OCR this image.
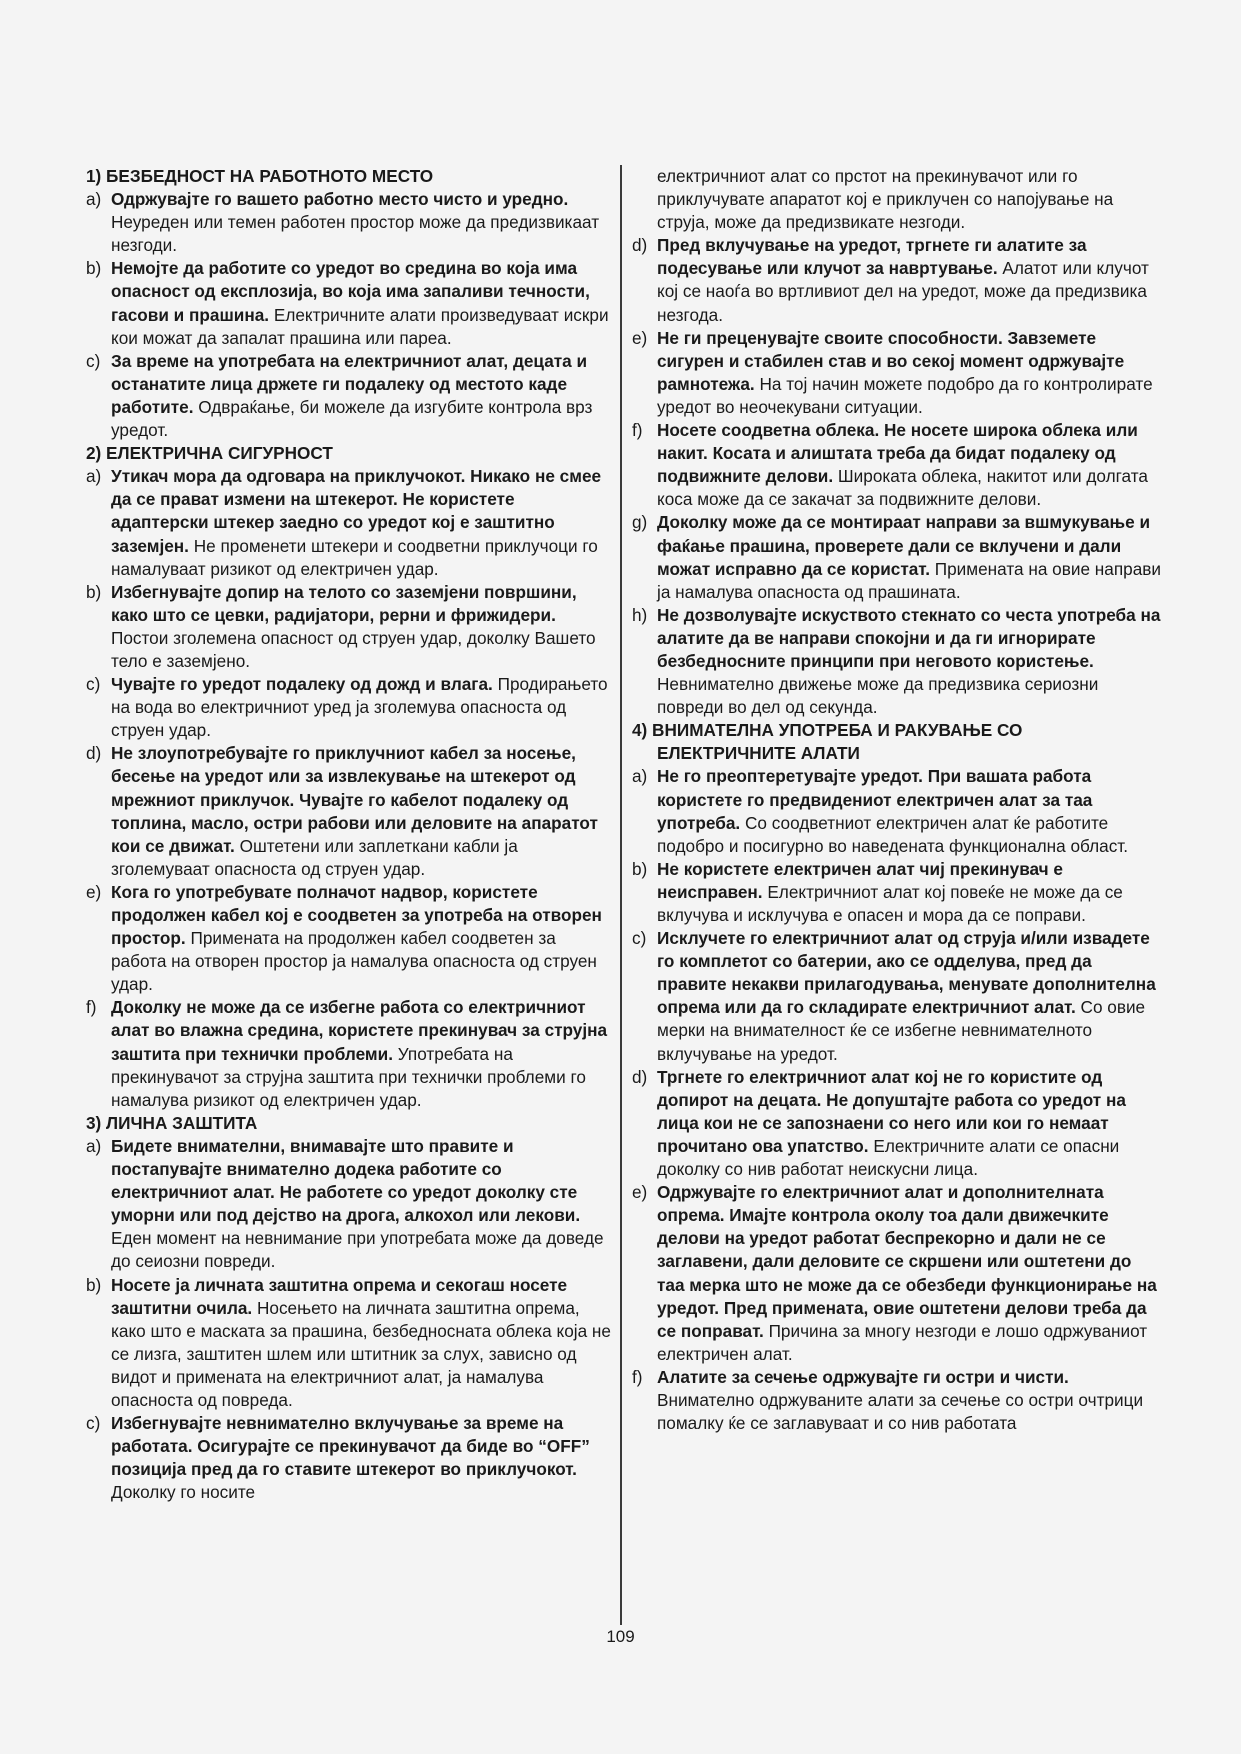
1) БЕЗБЕДНОСТ НА РАБОТНОТО МЕСТО

a) Одржувајте го вашето работно место чисто и уредно. Неуреден или темен работен простор може да предизвикаат незгоди.

b) Немојте да работите со уредот во средина во која има опасност од експлозија, во која има запаливи течности, гасови и прашина. Електричните алати произведуваат искри кои можат да запалат прашина или пареа.

c) За време на употребата на електричниот алат, децата и останатите лица држете ги подалеку од местото каде работите. Одвраќање, би можеле да изгубите контрола врз уредот.

2) ЕЛЕКТРИЧНА СИГУРНОСТ

a) Утикач мора да одговара на приклучокот. Никако не смее да се прават измени на штекерот. Не користете адаптерски штекер заедно со уредот кој е заштитно заземјен. Не променети штекери и соодветни приклучоци го намалуваат ризикот од електричен удар.

b) Избегнувајте допир на телото со заземјени површини, како што се цевки, радијатори, рерни и фрижидери. Постои зголемена опасност од струен удар, доколку Вашето тело е заземјено.

c) Чувајте го уредот подалеку од дожд и влага. Продирањето на вода во електричниот уред ја зголемува опасноста од струен удар.

d) Не злоупотребувајте го приклучниот кабел за носење, бесење на уредот или за извлекување на штекерот од мрежниот приклучок. Чувајте го кабелот подалеку од топлина, масло, остри рабови или деловите на апаратот кои се движат. Оштетени или заплеткани кабли ја зголемуваат опасноста од струен удар.

e) Кога го употребувате полначот надвор, користете продолжен кабел кој е соодветен за употреба на отворен простор. Примената на продолжен кабел соодветен за работа на отворен простор ја намалува опасноста од струен удар.

f) Доколку не може да се избегне работа со електричниот алат во влажна средина, користете прекинувач за струјна заштита при технички проблеми. Употребата на прекинувачот за струјна заштита при технички проблеми го намалува ризикот од електричен удар.

3) ЛИЧНА ЗАШТИТА

a) Бидете внимателни, внимавајте што правите и постапувајте внимателно додека работите со електричниот алат. Не работете со уредот доколку сте уморни или под дејство на дрога, алкохол или лекови. Еден момент на невнимание при употребата може да доведе до сеиозни повреди.

b) Носете ја личната заштитна опрема и секогаш носете заштитни очила. Носењето на личната заштитна опрема, како што е маската за прашина, безбедносната облека која не се лизга, заштитен шлем или штитник за слух, зависно од видот и примената на електричниот алат, ја намалува опасноста од повреда.

c) Избегнувајте невнимателно вклучување за време на работата. Осигурајте се прекинувачот да биде во “OFF” позиција пред да го ставите штекерот во приклучокот. Доколку го носите

електричниот алат со прстот на прекинувачот или го приклучувате апаратот кој е приклучен со напојување на струја, може да предизвикате незгоди.

d) Пред вклучување на уредот, тргнете ги алатите за подесување или клучот за навртување. Алатот или клучот кој се наоѓа во вртливиот дел на уредот, може да предизвика незгода.

e) Не ги преценувајте своите способности. Завземете сигурен и стабилен став и во секој момент одржувајте рамнотежа. На тој начин можете подобро да го контролирате уредот во неочекувани ситуации.

f) Носете соодветна облека. Не носете широка облека или накит. Косата и алиштата треба да бидат подалеку од подвижните делови. Широката облека, накитот или долгата коса може да се закачат за подвижните делови.

g) Доколку може да се монтираат направи за вшмукување и фаќање прашина, проверете дали се вклучени и дали можат исправно да се користат. Примената на овие направи ја намалува опасноста од прашината.

h) Не дозволувајте искуството стекнато со честа употреба на алатите да ве направи спокојни и да ги игнорирате безбедносните принципи при неговото користење. Невнимателно движење може да предизвика сериозни повреди во дел од секунда.

4) ВНИМАТЕЛНА УПОТРЕБА И РАКУВАЊЕ СО
ЕЛЕКТРИЧНИТЕ АЛАТИ

a) Не го преоптеретувајте уредот. При вашата работа користете го предвидениот електричен алат за таа употреба. Со соодветниот електричен алат ќе работите подобро и посигурно во наведената функционална област.

b) Не користете електричен алат чиј прекинувач е неисправен. Електричниот алат кој повеќе не може да се вклучува и исклучува е опасен и мора да се поправи.

c) Исклучете го електричниот алат од струја и/или извадете го комплетот со батерии, ако се одделува, пред да правите некакви прилагодувања, менувате дополнителна опрема или да го складирате електричниот алат. Со овие мерки на внимателност ќе се избегне невнимателното вклучување на уредот.

d) Тргнете го електричниот алат кој не го користите од допирот на децата. Не допуштајте работа со уредот на лица кои не се запознаени со него или кои го немаат прочитано ова упатство. Електричните алати се опасни доколку со нив работат неискусни лица.

e) Одржувајте го електричниот алат и дополнителната опрема. Имајте контрола околу тоа дали движечките делови на уредот работат беспрекорно и дали не се заглавени, дали деловите се скршени или оштетени до таа мерка што не може да се обезбеди функционирање на уредот. Пред примената, овие оштетени делови треба да се поправат. Причина за многу незгоди е лошо одржуваниот електричен алат.

f) Алатите за сечење одржувајте ги остри и чисти. Внимателно одржуваните алати за сечење со остри очтрици помалку ќе се заглавуваат и со нив работата

109
